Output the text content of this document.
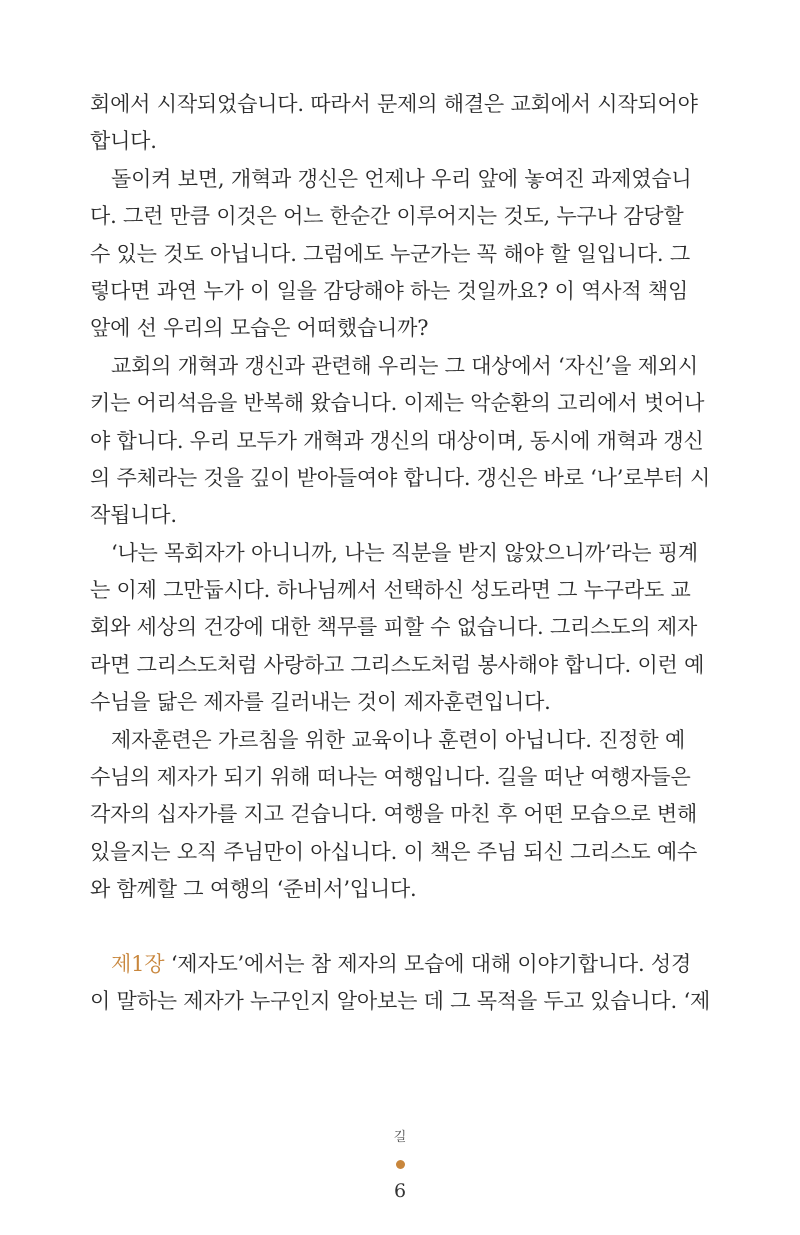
회에서 시작되었습니다. 따라서 문제의 해결은 교회에서 시작되어야
합니다.
돌이켜 보면, 개혁과 갱신은 언제나 우리 앞에 놓여진 과제였습니
다. 그런 만큼 이것은 어느 한순간 이루어지는 것도, 누구나 감당할
수 있는 것도 아닙니다. 그럼에도 누군가는 꼭 해야 할 일입니다. 그
렇다면 과연 누가 이 일을 감당해야 하는 것일까요? 이 역사적 책임
앞에 선 우리의 모습은 어떠했습니까?
교회의 개혁과 갱신과 관련해 우리는 그 대상에서 ‘자신’을 제외시
키는 어리석음을 반복해 왔습니다. 이제는 악순환의 고리에서 벗어나
야 합니다. 우리 모두가 개혁과 갱신의 대상이며, 동시에 개혁과 갱신
의 주체라는 것을 깊이 받아들여야 합니다. 갱신은 바로 ‘나’로부터 시
작됩니다.
‘나는 목회자가 아니니까, 나는 직분을 받지 않았으니까’라는 핑계
는 이제 그만둡시다. 하나님께서 선택하신 성도라면 그 누구라도 교
회와 세상의 건강에 대한 책무를 피할 수 없습니다. 그리스도의 제자
라면 그리스도처럼 사랑하고 그리스도처럼 봉사해야 합니다. 이런 예
수님을 닮은 제자를 길러내는 것이 제자훈련입니다.
제자훈련은 가르침을 위한 교육이나 훈련이 아닙니다. 진정한 예
수님의 제자가 되기 위해 떠나는 여행입니다. 길을 떠난 여행자들은
각자의 십자가를 지고 걷습니다. 여행을 마친 후 어떤 모습으로 변해
있을지는 오직 주님만이 아십니다. 이 책은 주님 되신 그리스도 예수
와 함께할 그 여행의 ‘준비서’입니다.
제1장 ‘제자도’에서는 참 제자의 모습에 대해 이야기합니다. 성경
이 말하는 제자가 누구인지 알아보는 데 그 목적을 두고 있습니다. ‘제
길
6
